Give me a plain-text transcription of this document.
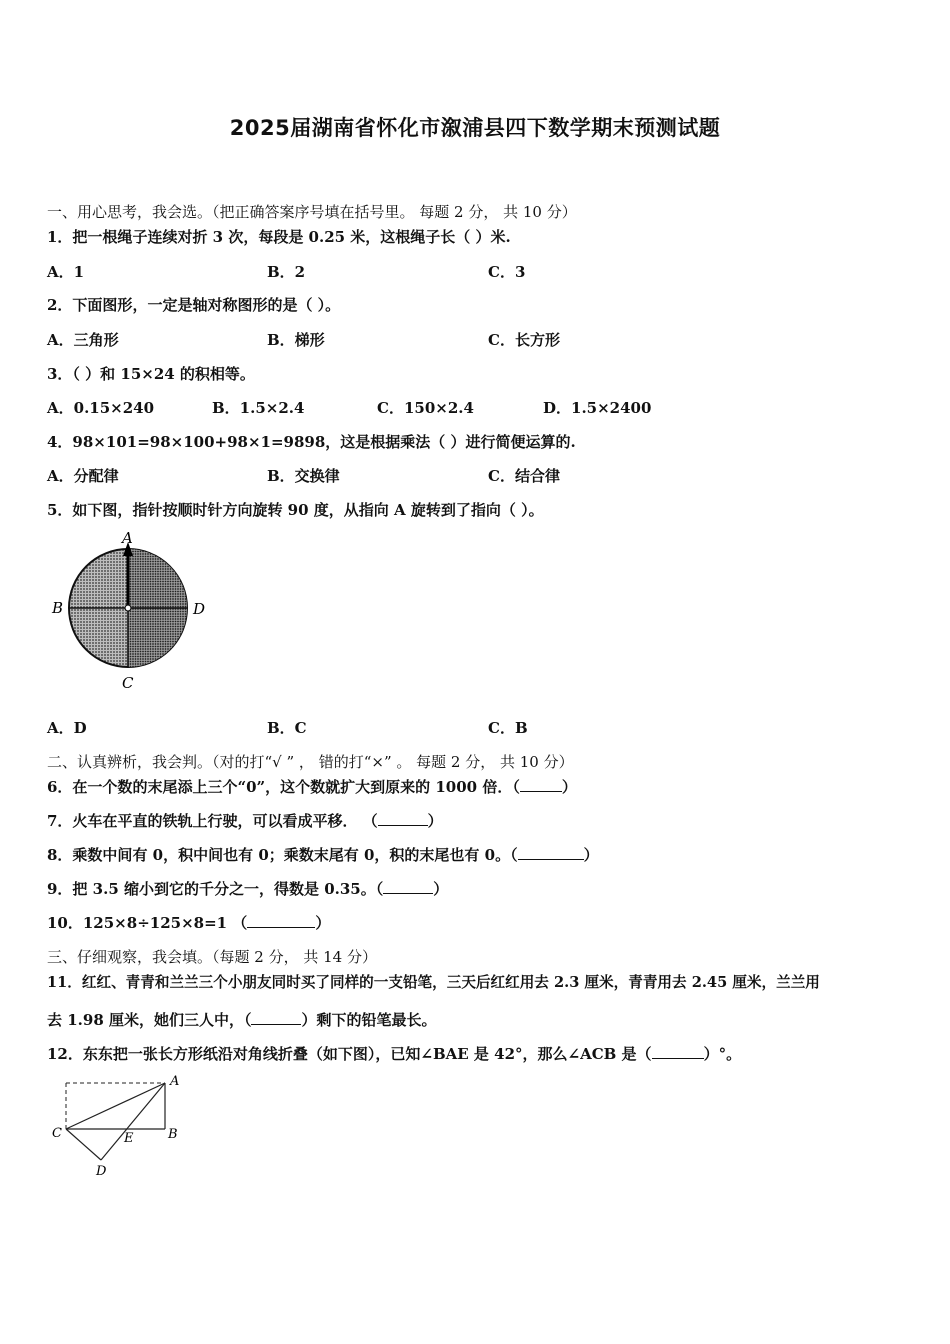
2025届湖南省怀化市溆浦县四下数学期末预测试题
一、用心思考，我会选。（把正确答案序号填在括号里。 每题 2 分， 共 10 分）
1．把一根绳子连续对折 3 次，每段是 0.25 米，这根绳子长（ ）米.
A．1	B．2	C．3
2．下面图形，一定是轴对称图形的是（ ）。
A．三角形	B．梯形	C．长方形
3．（ ）和 15×24 的积相等。
A．0.15×240	B．1.5×2.4	C．150×2.4	D．1.5×2400
4．98×101=98×100+98×1=9898，这是根据乘法（ ）进行简便运算的.
A．分配律	B．交换律	C．结合律
5．如下图，指针按顺时针方向旋转 90 度，从指向 A 旋转到了指向（ ）。
A
B
C
D
A．D	B．C	C．B
二、认真辨析，我会判。（对的打“√ ” ， 错的打“×” 。 每题 2 分， 共 10 分）
6．在一个数的末尾添上三个“0”，这个数就扩大到原来的 1000 倍．（	）
7．火车在平直的铁轨上行驶，可以看成平移． （	）
8．乘数中间有 0，积中间也有 0；乘数末尾有 0，积的末尾也有 0。（	）
9．把 3.5 缩小到它的千分之一，得数是 0.35。（	）
10．125×8÷125×8=1 （	）
三、仔细观察，我会填。（每题 2 分， 共 14 分）
11．红红、青青和兰兰三个小朋友同时买了同样的一支铅笔，三天后红红用去 2.3 厘米，青青用去 2.45 厘米，兰兰用
去 1.98 厘米，她们三人中，（	）剩下的铅笔最长。
12．东东把一张长方形纸沿对角线折叠（如下图），已知∠BAE 是 42°，那么∠ACB 是（	）°。
A
B
C
D
E
